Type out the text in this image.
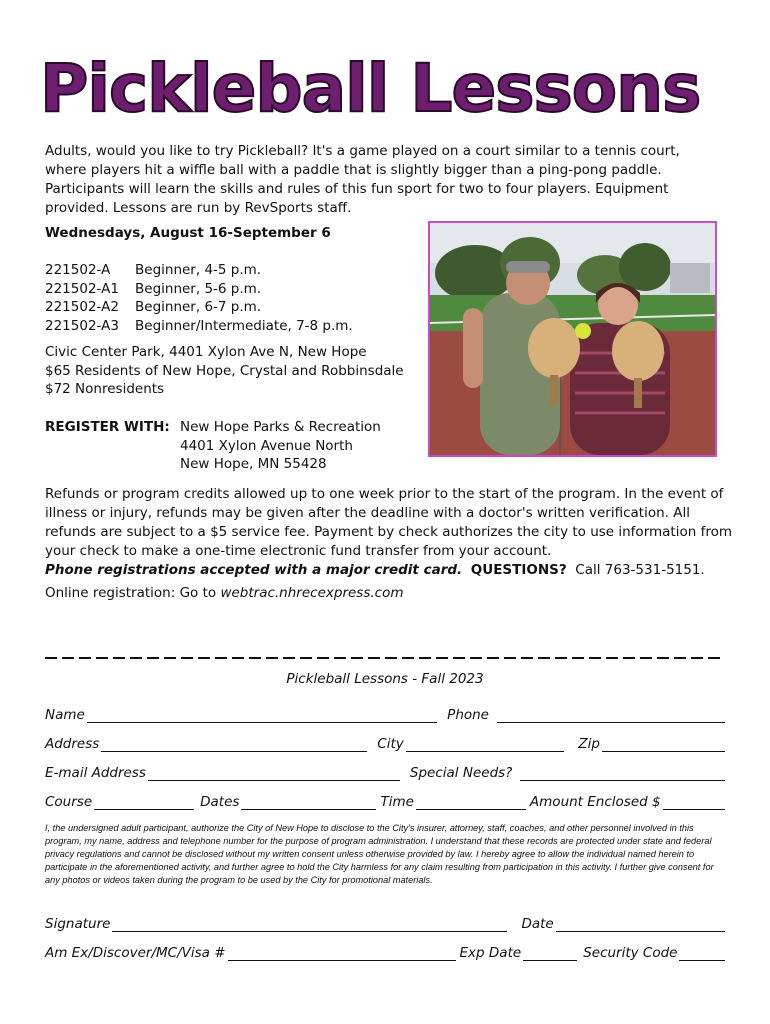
Pickleball Lessons
Adults, would you like to try Pickleball? It's a game played on a court similar to a tennis court, where players hit a wiffle ball with a paddle that is slightly bigger than a ping-pong paddle. Participants will learn the skills and rules of this fun sport for two to four players. Equipment provided. Lessons are run by RevSports staff.
Wednesdays, August 16-September 6
221502-A	Beginner, 4-5 p.m.
221502-A1	Beginner, 5-6 p.m.
221502-A2	Beginner, 6-7 p.m.
221502-A3	Beginner/Intermediate, 7-8 p.m.
Civic Center Park, 4401 Xylon Ave N, New Hope
$65 Residents of New Hope, Crystal and Robbinsdale
$72 Nonresidents
REGISTER WITH: New Hope Parks & Recreation
4401 Xylon Avenue North
New Hope, MN 55428
Refunds or program credits allowed up to one week prior to the start of the program. In the event of illness or injury, refunds may be given after the deadline with a doctor's written verification. All refunds are subject to a $5 service fee. Payment by check authorizes the city to use information from your check to make a one-time electronic fund transfer from your account.
Phone registrations accepted with a major credit card. QUESTIONS? Call 763-531-5151.
Online registration: Go to webtrac.nhrecexpress.com
Pickleball Lessons - Fall 2023
Name	Phone
Address	City	Zip
E-mail Address	Special Needs?
Course	Dates	Time	Amount Enclosed $
I, the undersigned adult participant, authorize the City of New Hope to disclose to the City's insurer, attorney, staff, coaches, and other personnel involved in this program, my name, address and telephone number for the purpose of program administration. I understand that these records are protected under state and federal privacy regulations and cannot be disclosed without my written consent unless otherwise provided by law. I hereby agree to allow the individual named herein to participate in the aforementioned activity, and further agree to hold the City harmless for any claim resulting from participation in this activity. I further give consent for any photos or videos taken during the program to be used by the City for promotional materials.
Signature	Date
Am Ex/Discover/MC/Visa #	Exp Date	Security Code
